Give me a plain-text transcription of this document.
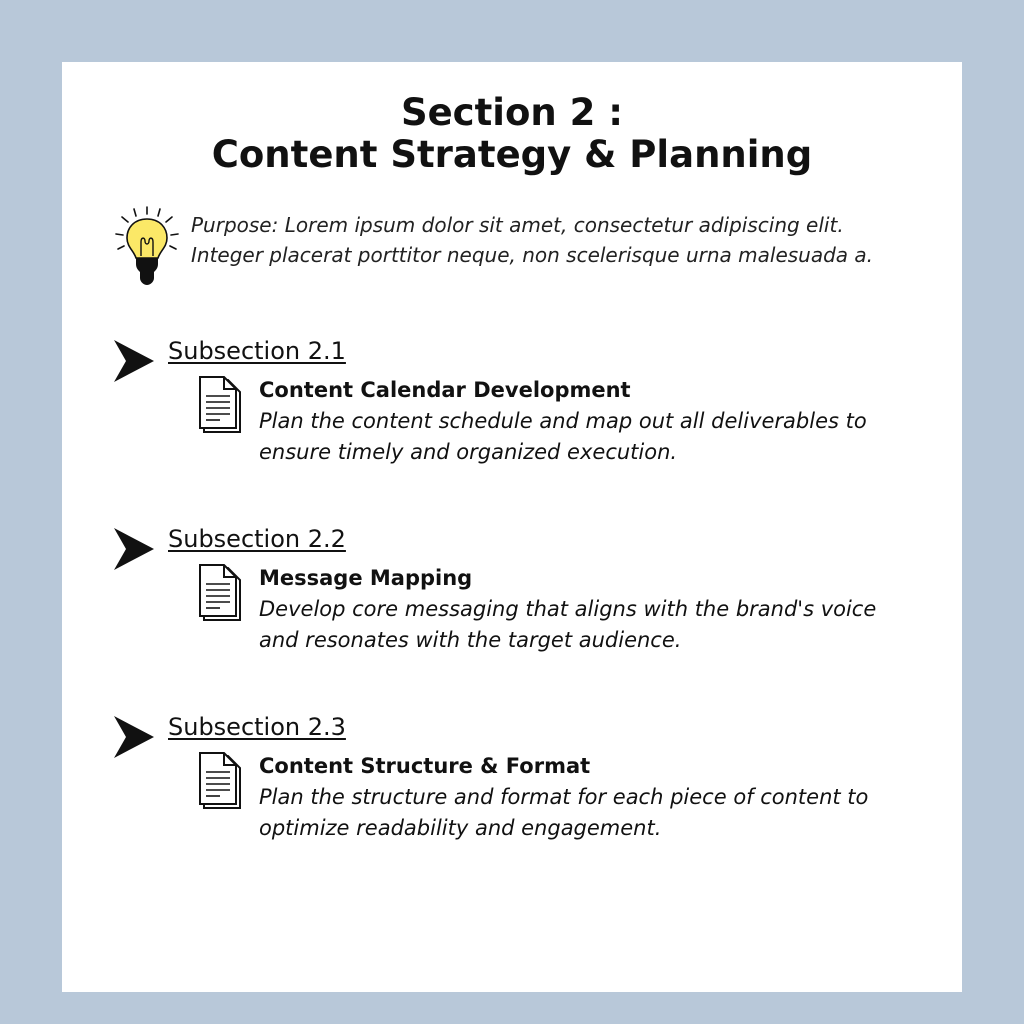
Section 2 :
Content Strategy & Planning
Purpose: Lorem ipsum dolor sit amet, consectetur adipiscing elit.
Integer placerat porttitor neque, non scelerisque urna malesuada a.
Subsection 2.1
Content Calendar Development
Plan the content schedule and map out all deliverables to ensure timely and organized execution.
Subsection 2.2
Message Mapping
Develop core messaging that aligns with the brand's voice and resonates with the target audience.
Subsection 2.3
Content Structure & Format
Plan the structure and format for each piece of content to optimize readability and engagement.
